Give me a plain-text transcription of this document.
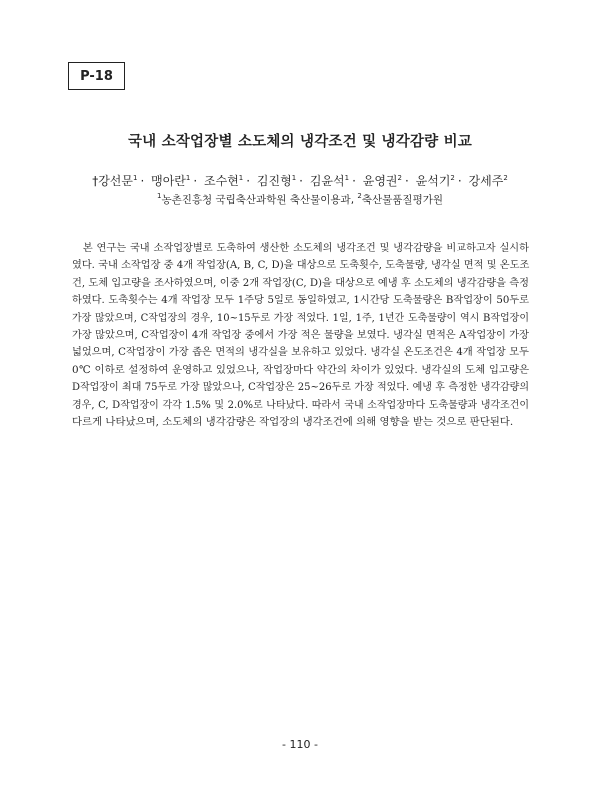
P-18
국내 소작업장별 소도체의 냉각조건 및 냉각감량 비교
†강선문$^1$ · 맹아란$^1$ · 조수현$^1$ · 김진형$^1$ · 김윤석$^1$ · 윤영권$^2$ · 윤석기$^2$ · 강세주$^2$
$^1$농촌진흥청 국립축산과학원 축산물이용과, $^2$축산물품질평가원
　본 연구는 국내 소작업장별로 도축하여 생산한 소도체의 냉각조건 및 냉각감량을 비교하고자 실시하
였다. 국내 소작업장 중 4개 작업장(A, B, C, D)을 대상으로 도축횟수, 도축물량, 냉각실 면적 및 온도조
건, 도체 입고량을 조사하였으며, 이중 2개 작업장(C, D)을 대상으로 예냉 후 소도체의 냉각감량을 측정
하였다. 도축횟수는 4개 작업장 모두 1주당 5일로 동일하였고, 1시간당 도축물량은 B작업장이 50두로
가장 많았으며, C작업장의 경우, 10~15두로 가장 적었다. 1일, 1주, 1년간 도축물량이 역시 B작업장이
가장 많았으며, C작업장이 4개 작업장 중에서 가장 적은 물량을 보였다. 냉각실 면적은 A작업장이 가장
넓었으며, C작업장이 가장 좁은 면적의 냉각실을 보유하고 있었다. 냉각실 온도조건은 4개 작업장 모두
0℃ 이하로 설정하여 운영하고 있었으나, 작업장마다 약간의 차이가 있었다. 냉각실의 도체 입고량은
D작업장이 최대 75두로 가장 많았으나, C작업장은 25~26두로 가장 적었다. 예냉 후 측정한 냉각감량의
경우, C, D작업장이 각각 1.5% 및 2.0%로 나타났다. 따라서 국내 소작업장마다 도축물량과 냉각조건이
다르게 나타났으며, 소도체의 냉각감량은 작업장의 냉각조건에 의해 영향을 받는 것으로 판단된다.
- 110 -
